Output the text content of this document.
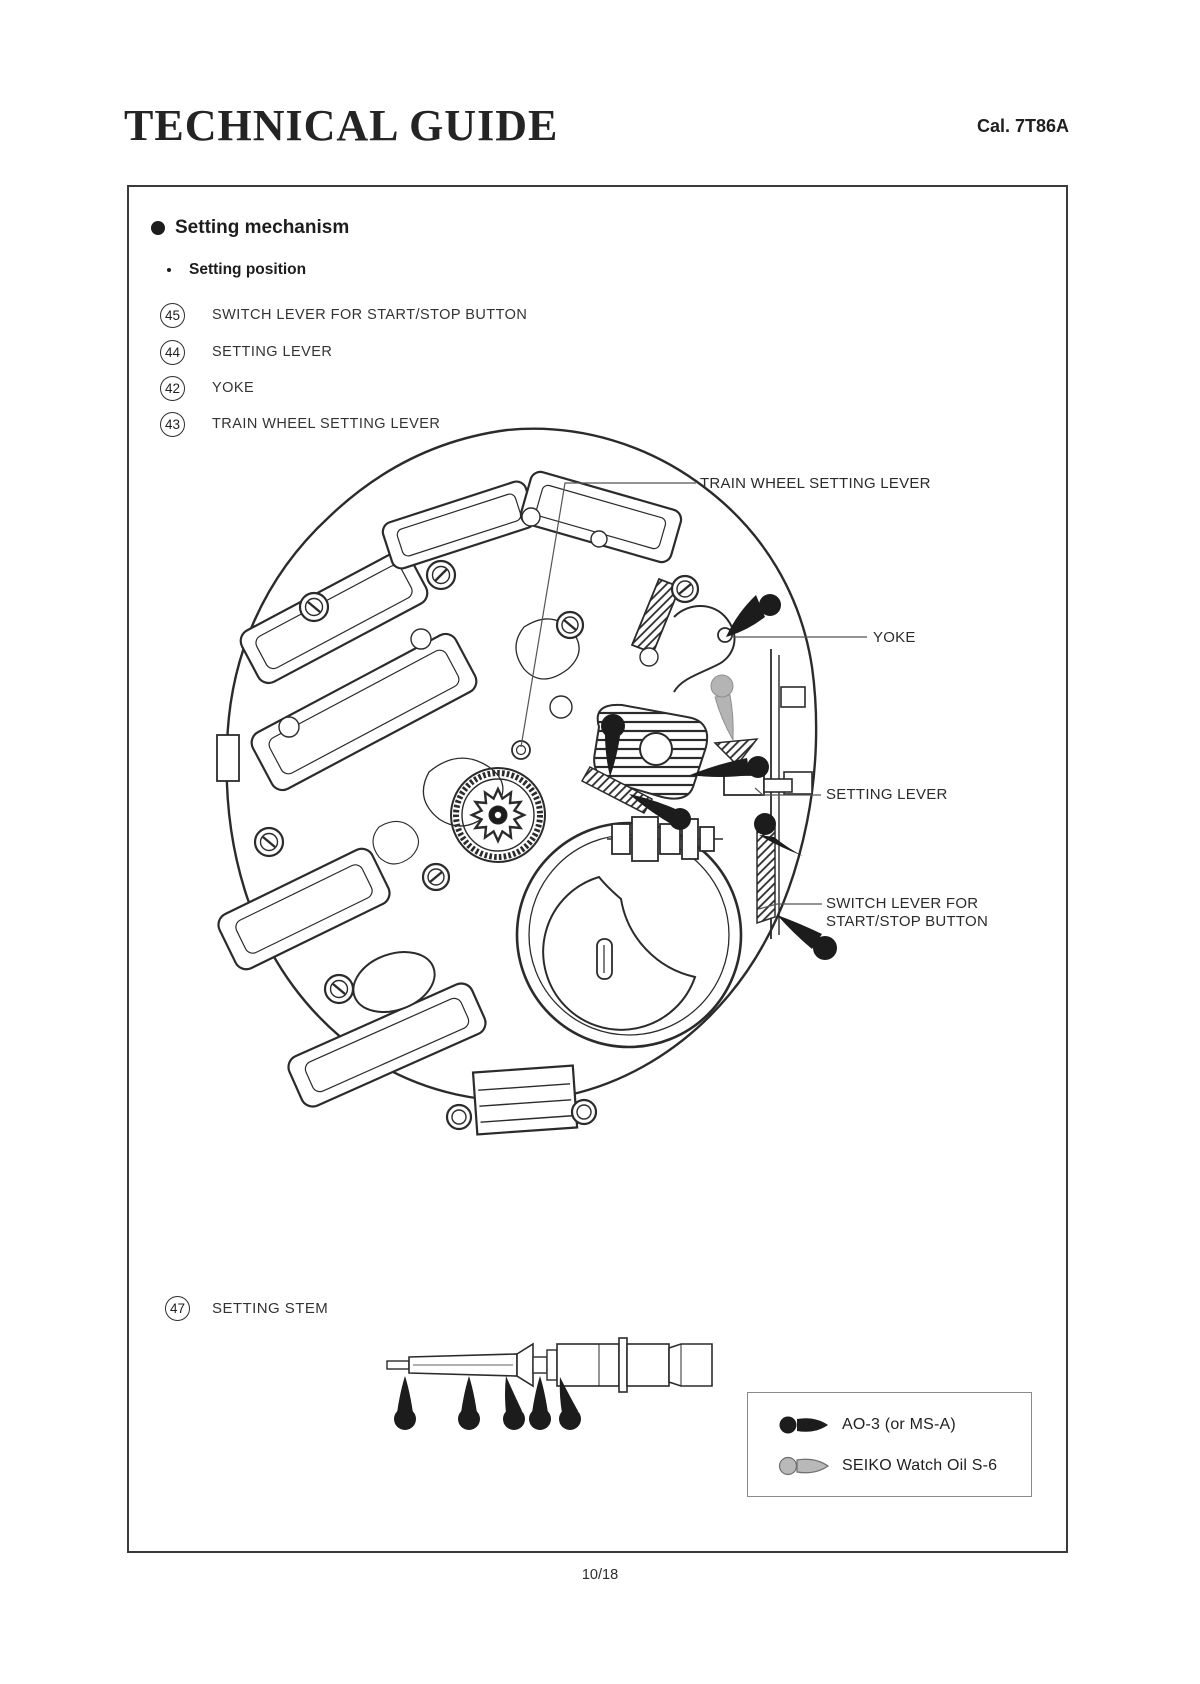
TECHNICAL GUIDE	Cal. 7T86A
Setting mechanism
Setting position
45	SWITCH LEVER FOR START/STOP BUTTON
44	SETTING LEVER
42	YOKE
43	TRAIN WHEEL SETTING LEVER
TRAIN WHEEL SETTING LEVER
YOKE
SETTING LEVER
SWITCH LEVER FOR
START/STOP BUTTON
47	SETTING STEM
AO-3 (or MS-A)
SEIKO Watch Oil S-6
10/18
